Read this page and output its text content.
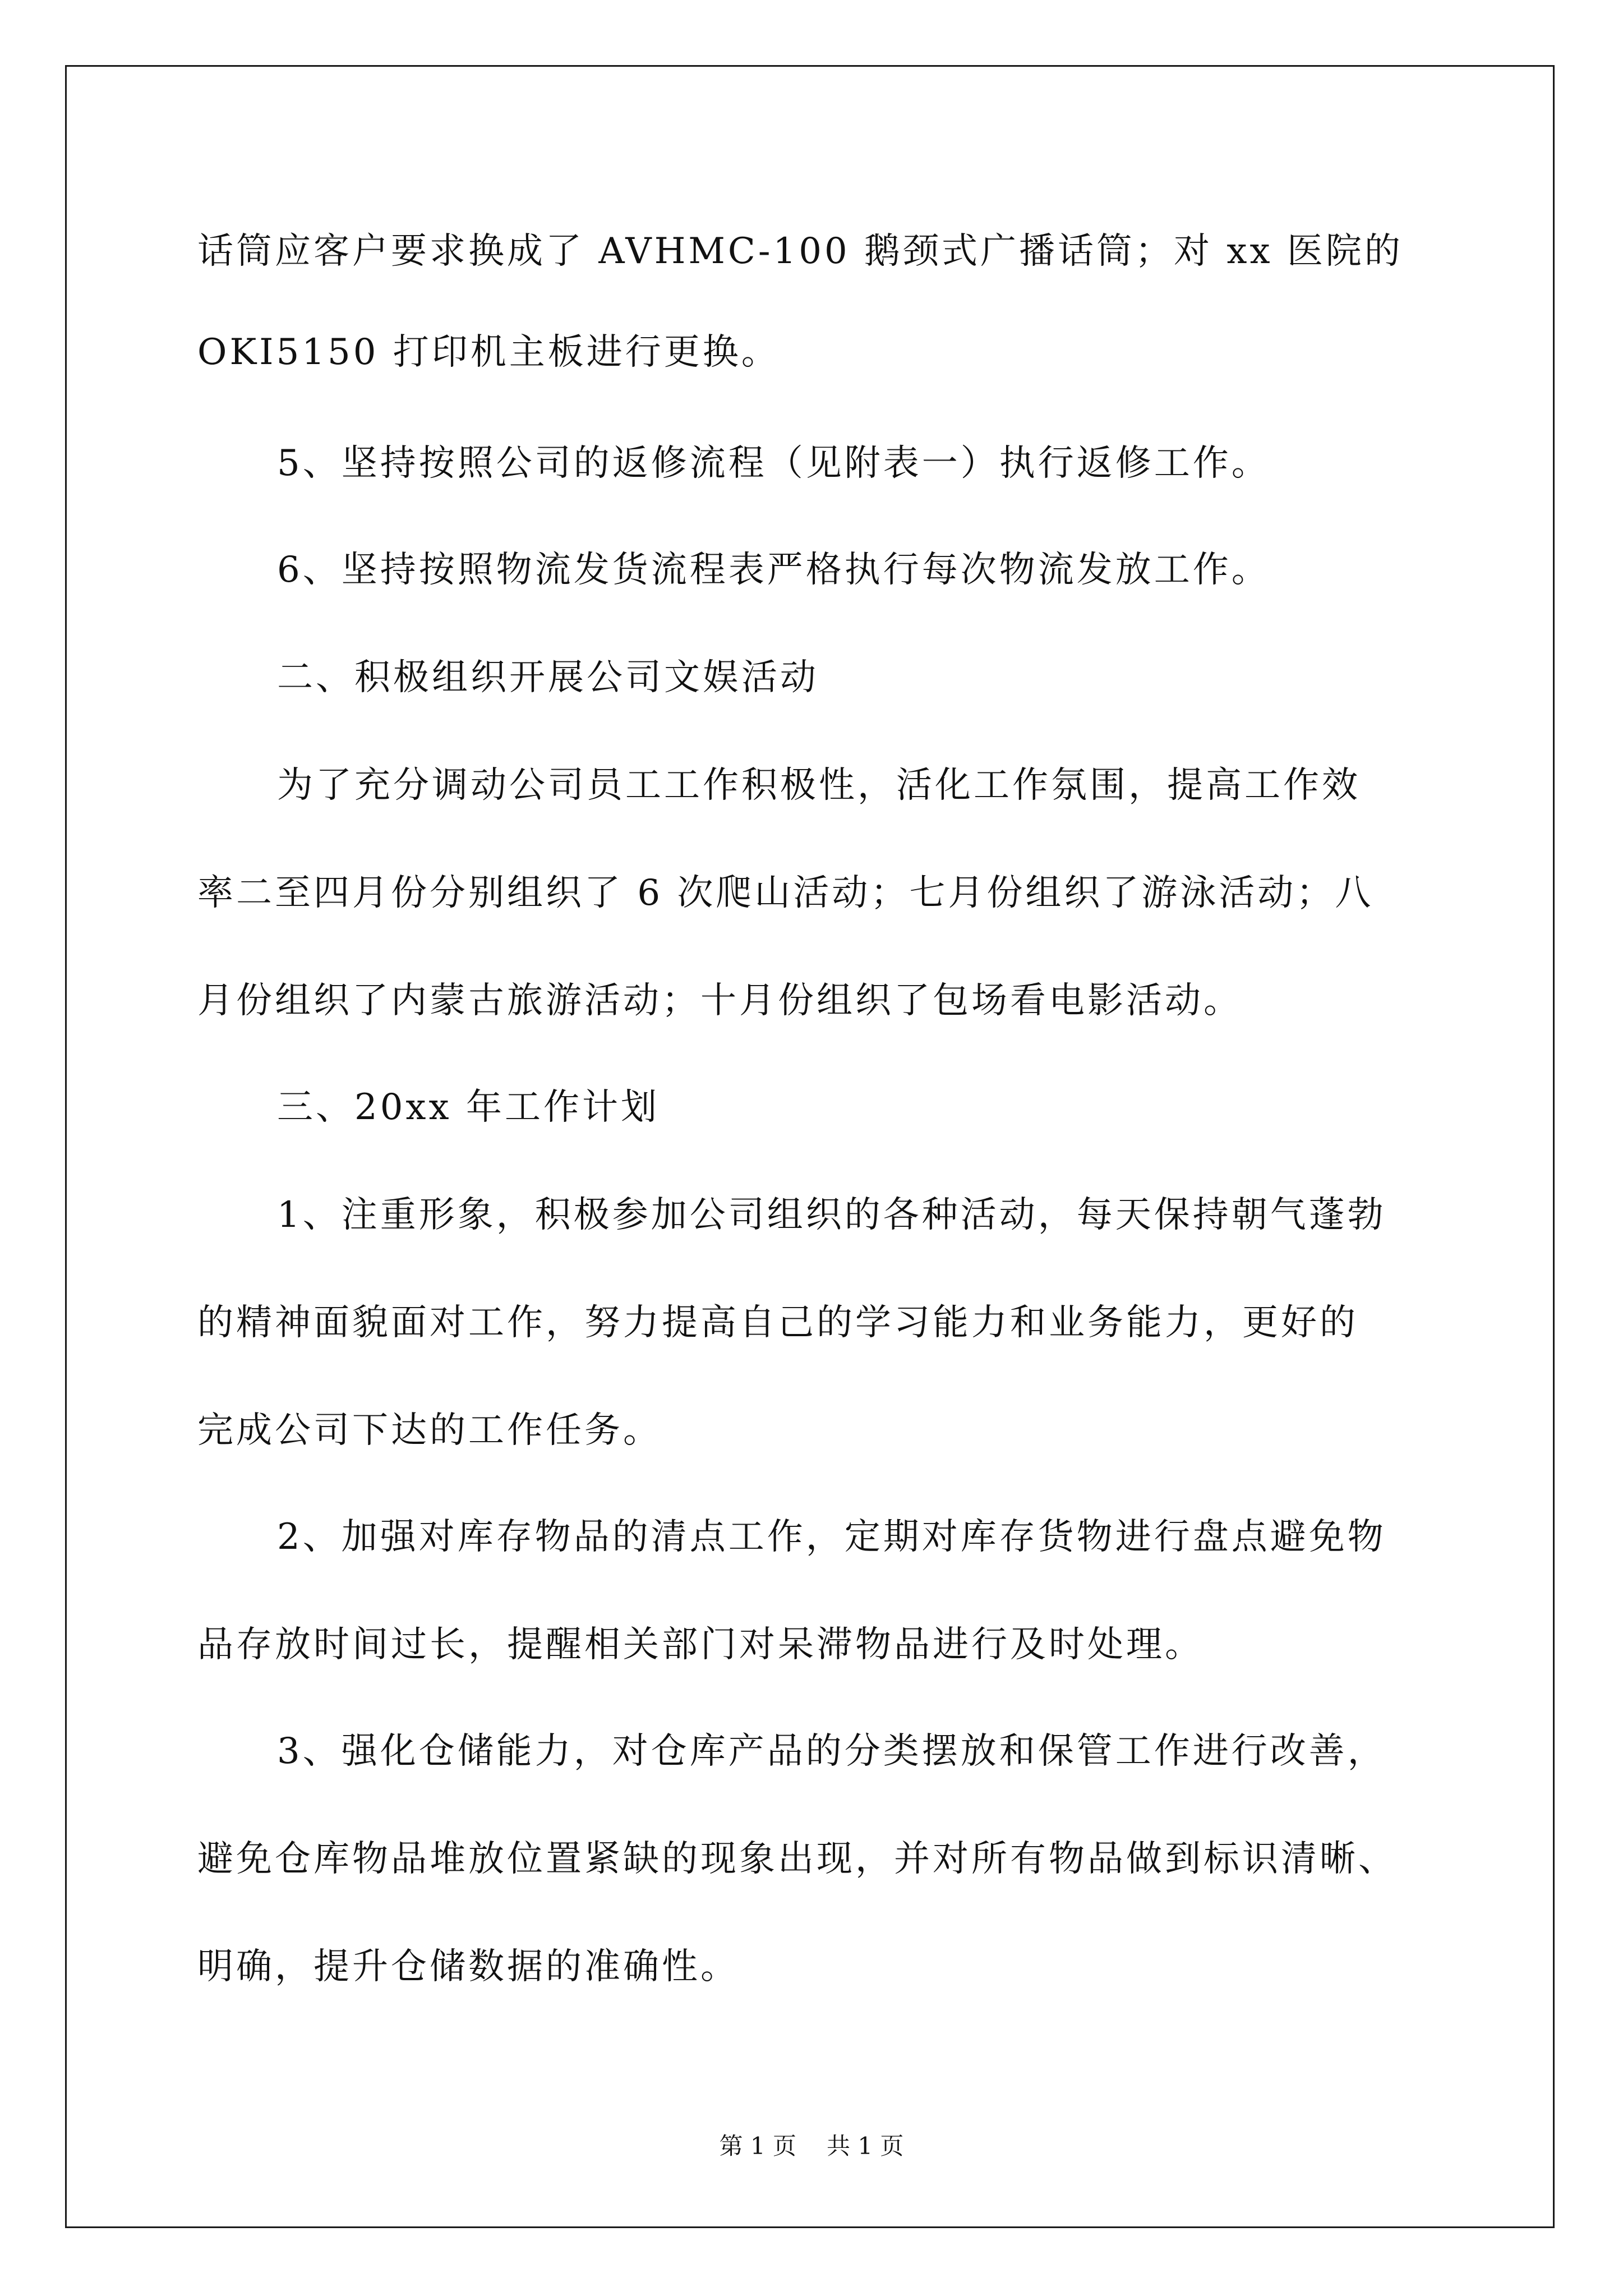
话筒应客户要求换成了 AVHMC-100 鹅颈式广播话筒；对 xx 医院的
OKI5150 打印机主板进行更换。
5、坚持按照公司的返修流程（见附表一）执行返修工作。
6、坚持按照物流发货流程表严格执行每次物流发放工作。
二、积极组织开展公司文娱活动
为了充分调动公司员工工作积极性，活化工作氛围，提高工作效
率二至四月份分别组织了 6 次爬山活动；七月份组织了游泳活动；八
月份组织了内蒙古旅游活动；十月份组织了包场看电影活动。
三、20xx 年工作计划
1、注重形象，积极参加公司组织的各种活动，每天保持朝气蓬勃
的精神面貌面对工作，努力提高自己的学习能力和业务能力，更好的
完成公司下达的工作任务。
2、加强对库存物品的清点工作，定期对库存货物进行盘点避免物
品存放时间过长，提醒相关部门对呆滞物品进行及时处理。
3、强化仓储能力，对仓库产品的分类摆放和保管工作进行改善，
避免仓库物品堆放位置紧缺的现象出现，并对所有物品做到标识清晰、
明确，提升仓储数据的准确性。
第 1 页 共 1 页
